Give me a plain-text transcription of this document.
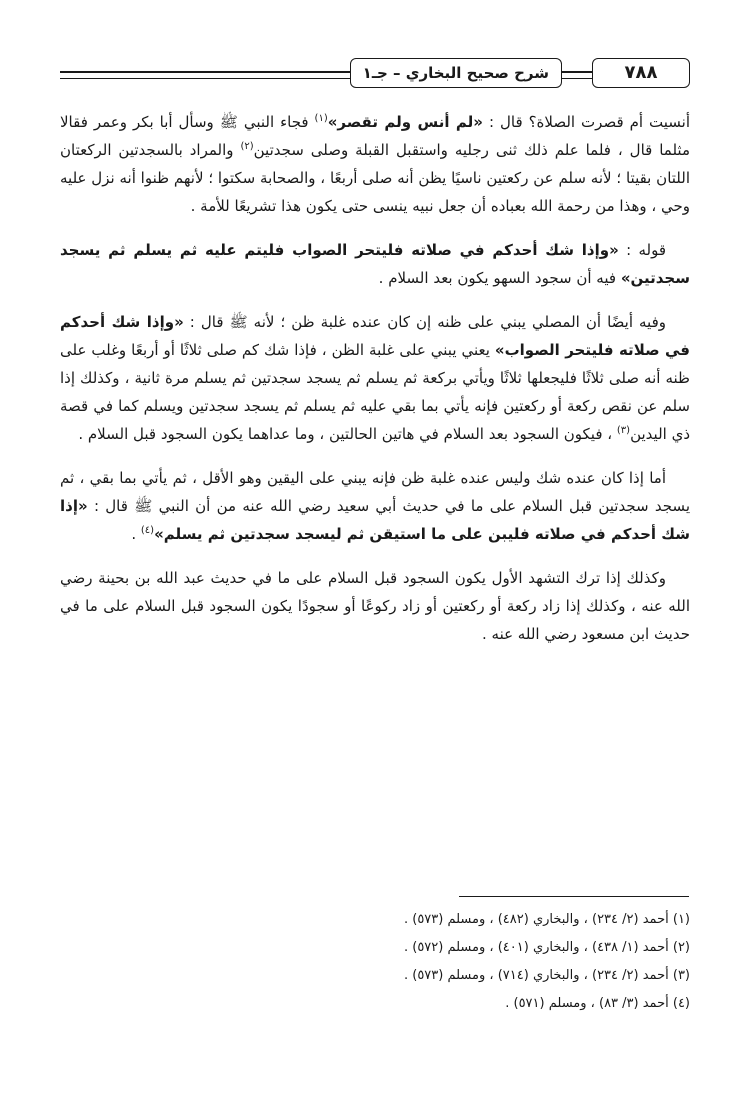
٧٨٨
شرح صحيح البخاري – جـ١

أنسيت أم قصرت الصلاة؟ قال : «لم أنس ولم تقصر»$^{(١)}$ فجاء النبي ﷺ وسأل أبا بكر وعمر فقالا مثلما قال ، فلما علم ذلك ثنى رجليه واستقبل القبلة وصلى سجدتين$^{(٢)}$ والمراد بالسجدتين الركعتان اللتان بقيتا ؛ لأنه سلم عن ركعتين ناسيًا يظن أنه صلى أربعًا ، والصحابة سكتوا ؛ لأنهم ظنوا أنه نزل عليه وحي ، وهذا من رحمة الله بعباده أن جعل نبيه ينسى حتى يكون هذا تشريعًا للأمة .

قوله : «وإذا شك أحدكم في صلاته فليتحر الصواب فليتم عليه ثم يسلم ثم يسجد سجدتين» فيه أن سجود السهو يكون بعد السلام .

وفيه أيضًا أن المصلي يبني على ظنه إن كان عنده غلبة ظن ؛ لأنه ﷺ قال : «وإذا شك أحدكم في صلاته فليتحر الصواب» يعني يبني على غلبة الظن ، فإذا شك كم صلى ثلاثًا أو أربعًا وغلب على ظنه أنه صلى ثلاثًا فليجعلها ثلاثًا ويأتي بركعة ثم يسلم ثم يسجد سجدتين ثم يسلم مرة ثانية ، وكذلك إذا سلم عن نقص ركعة أو ركعتين فإنه يأتي بما بقي عليه ثم يسلم ثم يسجد سجدتين ويسلم كما في قصة ذي اليدين$^{(٣)}$ ، فيكون السجود بعد السلام في هاتين الحالتين ، وما عداهما يكون السجود قبل السلام .

أما إذا كان عنده شك وليس عنده غلبة ظن فإنه يبني على اليقين وهو الأقل ، ثم يأتي بما بقي ، ثم يسجد سجدتين قبل السلام على ما في حديث أبي سعيد رضي الله عنه من أن النبي ﷺ قال : «إذا شك أحدكم في صلاته فليبن على ما استيقن ثم ليسجد سجدتين ثم يسلم»$^{(٤)}$ .

وكذلك إذا ترك التشهد الأول يكون السجود قبل السلام على ما في حديث عبد الله بن بحينة رضي الله عنه ، وكذلك إذا زاد ركعة أو ركعتين أو زاد ركوعًا أو سجودًا يكون السجود قبل السلام على ما في حديث ابن مسعود رضي الله عنه .

(١) أحمد (٢/ ٢٣٤) ، والبخاري (٤٨٢) ، ومسلم (٥٧٣) .

(٢) أحمد (١/ ٤٣٨) ، والبخاري (٤٠١) ، ومسلم (٥٧٢) .

(٣) أحمد (٢/ ٢٣٤) ، والبخاري (٧١٤) ، ومسلم (٥٧٣) .

(٤) أحمد (٣/ ٨٣) ، ومسلم (٥٧١) .
